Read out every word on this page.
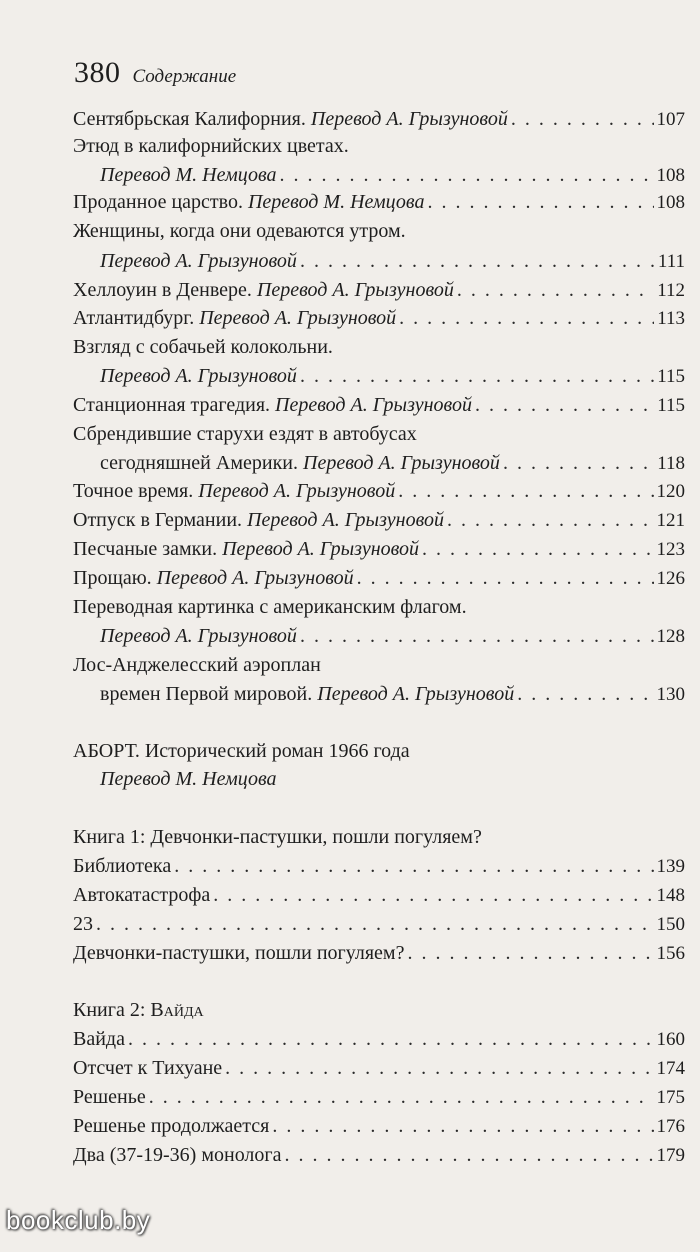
380 Содержание
Сентябрьская Калифорния.
Перевод А. Грызуновой . . .	107
Этюд в калифорнийских цветах.
Перевод М. Немцова . . .	108
Проданное царство.
Перевод М. Немцова . . .	108
Женщины, когда они одеваются утром.
Перевод А. Грызуновой . . .	111
Хеллоуин в Денвере.
Перевод А. Грызуновой . . .	112
Атлантидбург.
Перевод А. Грызуновой . . .	113
Взгляд с собачьей колокольни.
Перевод А. Грызуновой . . .	115
Станционная трагедия.
Перевод А. Грызуновой . . .	115
Сбрендившие старухи ездят в автобусах
сегодняшней Америки.
Перевод А. Грызуновой . . .	118
Точное время.
Перевод А. Грызуновой . . .	120
Отпуск в Германии.
Перевод А. Грызуновой . . .	121
Песчаные замки.
Перевод А. Грызуновой . . .	123
Прощаю.
Перевод А. Грызуновой . . .	126
Переводная картинка с американским флагом.
Перевод А. Грызуновой . . .	128
Лос-Анджелесский аэроплан
времен Первой мировой.
Перевод А. Грызуновой . . .	130
АБОРТ. Исторический роман 1966 года
Перевод М. Немцова
Книга 1: Девчонки-пастушки, пошли погуляем?
Библиотека . . .	139
Автокатастрофа . . .	148
23 . . .	150
Девчонки-пастушки, пошли погуляем? . . .	156
Книга 2:
Вайда
Вайда . . .	160
Отсчет к Тихуане . . .	174
Решенье . . .	175
Решенье продолжается . . .	176
Два (37-19-36) монолога . . .	179
bookclub.by
